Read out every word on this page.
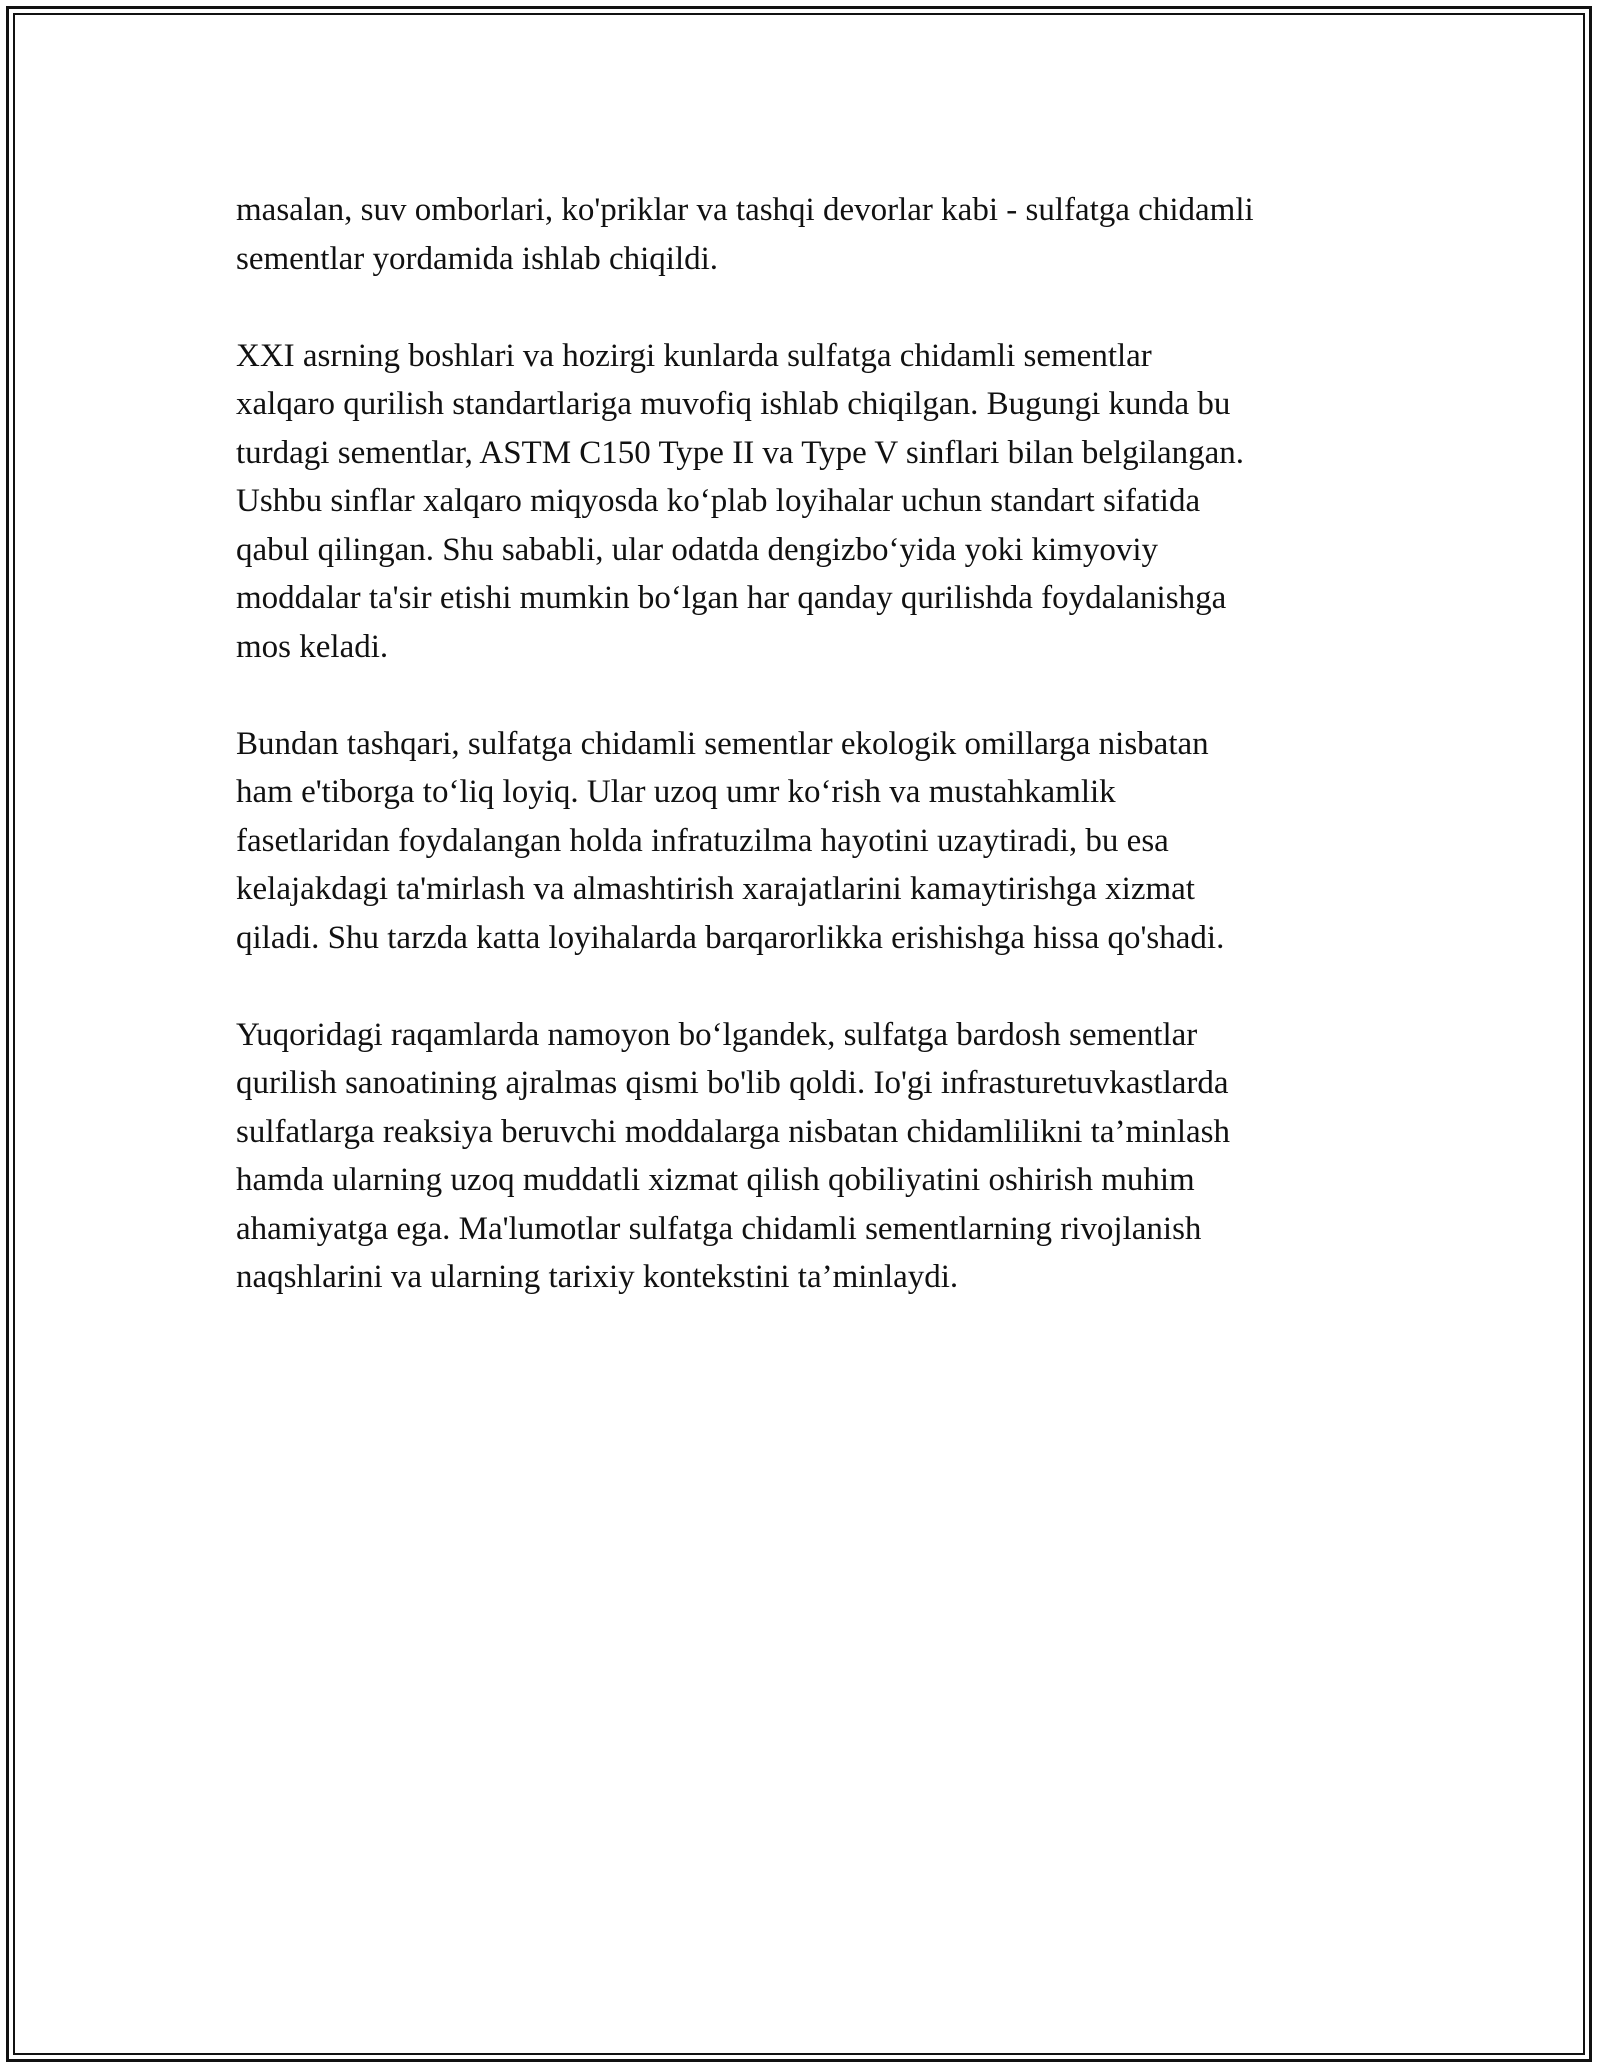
masalan, suv omborlari, ko'priklar va tashqi devorlar kabi - sulfatga chidamli
sementlar yordamida ishlab chiqildi.

XXI asrning boshlari va hozirgi kunlarda sulfatga chidamli sementlar
xalqaro qurilish standartlariga muvofiq ishlab chiqilgan. Bugungi kunda bu
turdagi sementlar, ASTM C150 Type II va Type V sinflari bilan belgilangan.
Ushbu sinflar xalqaro miqyosda ko‘plab loyihalar uchun standart sifatida
qabul qilingan. Shu sababli, ular odatda dengizbo‘yida yoki kimyoviy
moddalar ta'sir etishi mumkin bo‘lgan har qanday qurilishda foydalanishga
mos keladi.

Bundan tashqari, sulfatga chidamli sementlar ekologik omillarga nisbatan
ham e'tiborga to‘liq loyiq. Ular uzoq umr ko‘rish va mustahkamlik
fasetlaridan foydalangan holda infratuzilma hayotini uzaytiradi, bu esa
kelajakdagi ta'mirlash va almashtirish xarajatlarini kamaytirishga xizmat
qiladi. Shu tarzda katta loyihalarda barqarorlikka erishishga hissa qo'shadi.

Yuqoridagi raqamlarda namoyon bo‘lgandek, sulfatga bardosh sementlar
qurilish sanoatining ajralmas qismi bo'lib qoldi. Io'gi infrasturetuvkastlarda
sulfatlarga reaksiya beruvchi moddalarga nisbatan chidamlilikni ta’minlash
hamda ularning uzoq muddatli xizmat qilish qobiliyatini oshirish muhim
ahamiyatga ega. Ma'lumotlar sulfatga chidamli sementlarning rivojlanish
naqshlarini va ularning tarixiy kontekstini ta’minlaydi.
